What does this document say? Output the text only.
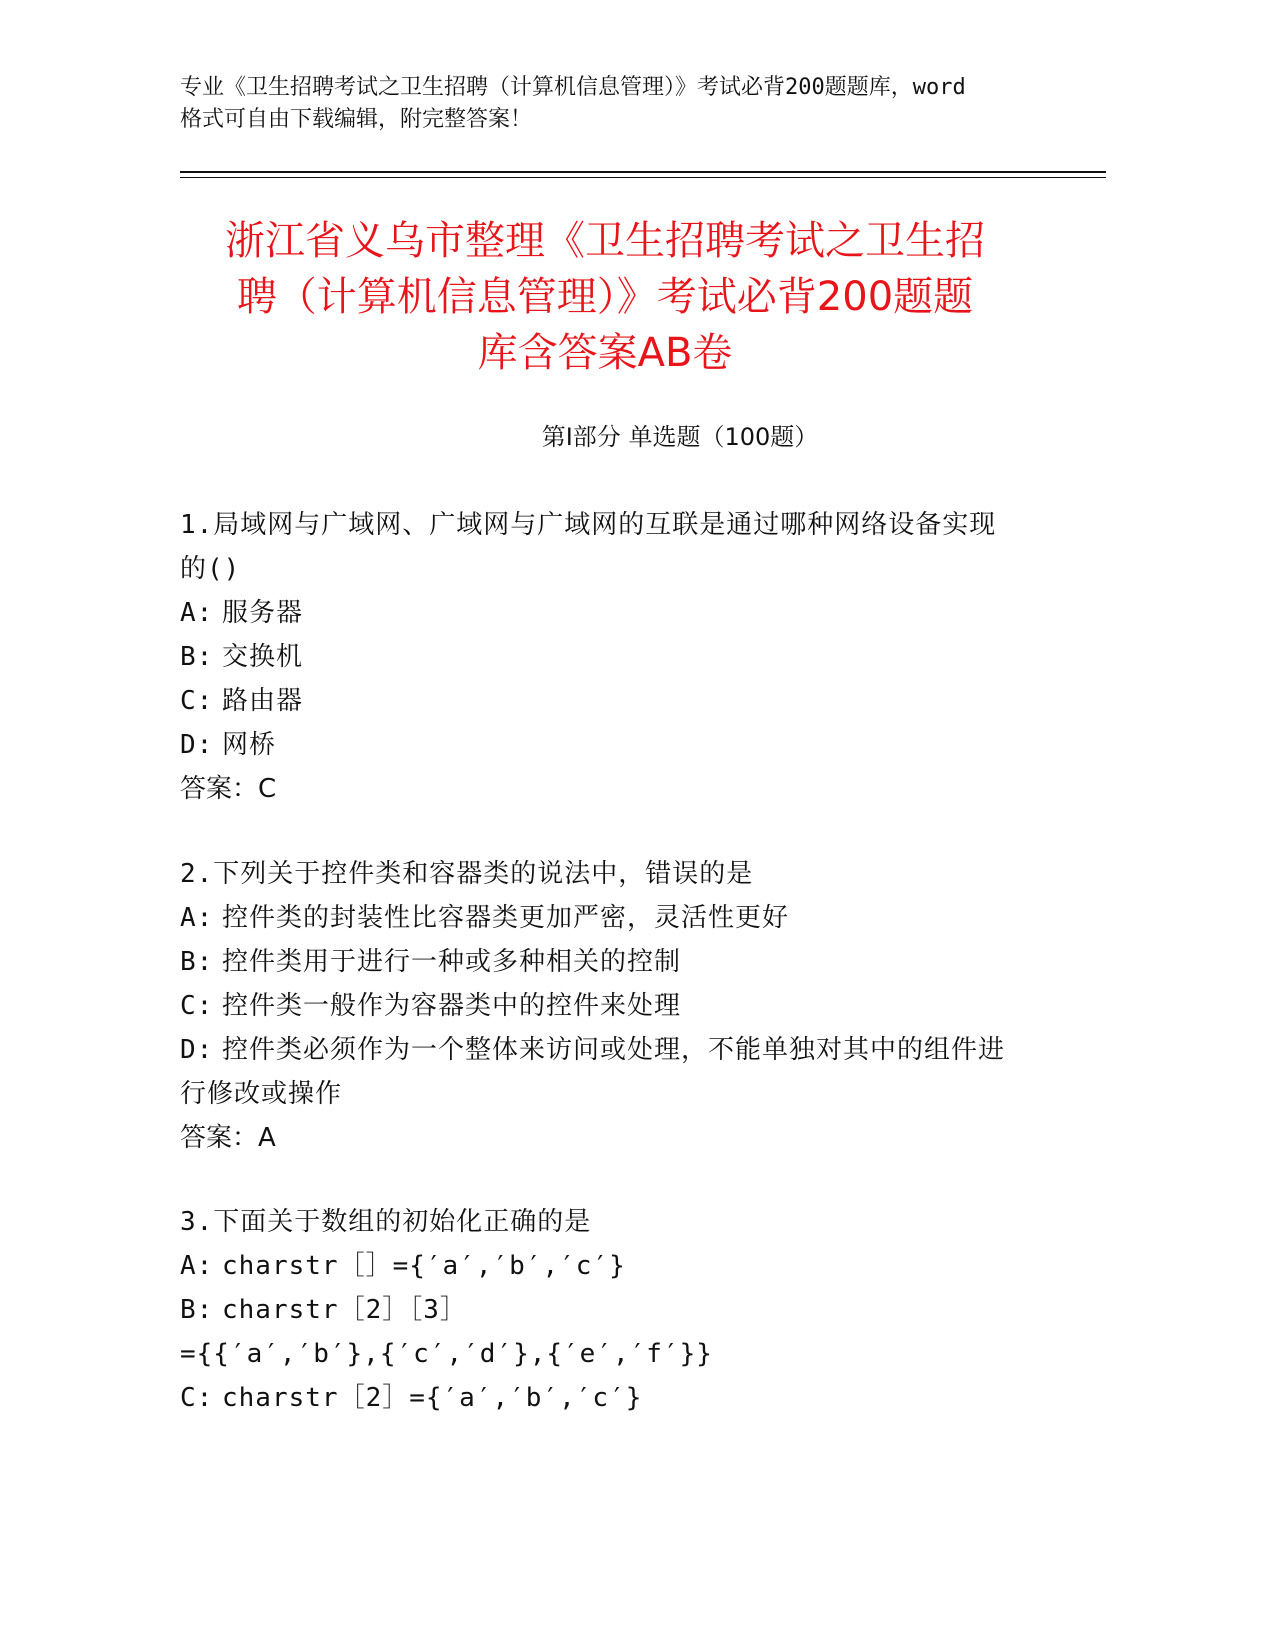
专业《卫生招聘考试之卫生招聘（计算机信息管理）》考试必背200题题库，word
格式可自由下载编辑，附完整答案！
浙江省义乌市整理《卫生招聘考试之卫生招
聘（计算机信息管理）》考试必背200题题
库含答案AB卷
第Ⅰ部分 单选题（100题）
1.局域网与广域网、广域网与广域网的互联是通过哪种网络设备实现
的()
A: 服务器
B: 交换机
C: 路由器
D: 网桥
答案：C
2.下列关于控件类和容器类的说法中，错误的是
A: 控件类的封装性比容器类更加严密，灵活性更好
B: 控件类用于进行一种或多种相关的控制
C: 控件类一般作为容器类中的控件来处理
D: 控件类必须作为一个整体来访问或处理，不能单独对其中的组件进
行修改或操作
答案：A
3.下面关于数组的初始化正确的是
A: charstr［］={′a′,′b′,′c′}
B: charstr［2］［3］
={{′a′,′b′},{′c′,′d′},{′e′,′f′}}
C: charstr［2］={′a′,′b′,′c′}
